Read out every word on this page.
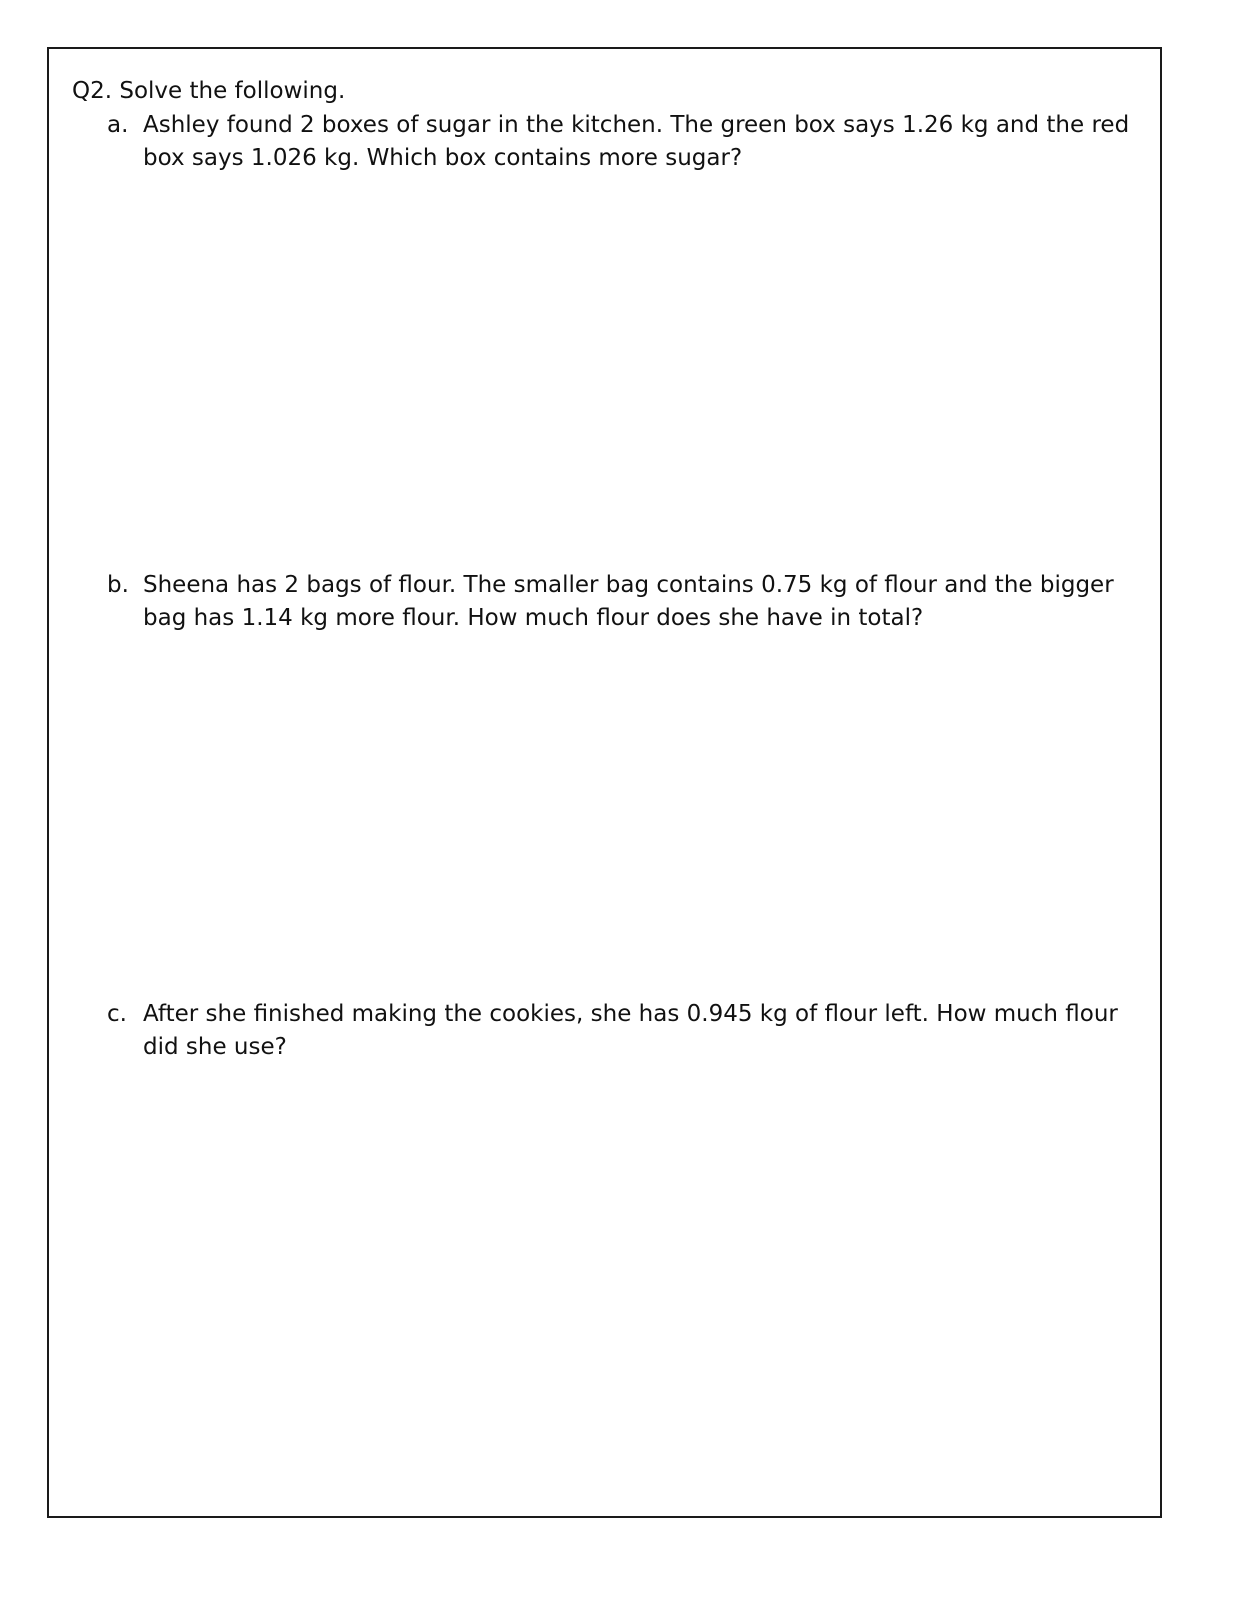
Q2. Solve the following.
a. Ashley found 2 boxes of sugar in the kitchen. The green box says 1.26 kg and the red box says 1.026 kg. Which box contains more sugar?
b. Sheena has 2 bags of flour. The smaller bag contains 0.75 kg of flour and the bigger bag has 1.14 kg more flour. How much flour does she have in total?
c. After she finished making the cookies, she has 0.945 kg of flour left. How much flour did she use?
